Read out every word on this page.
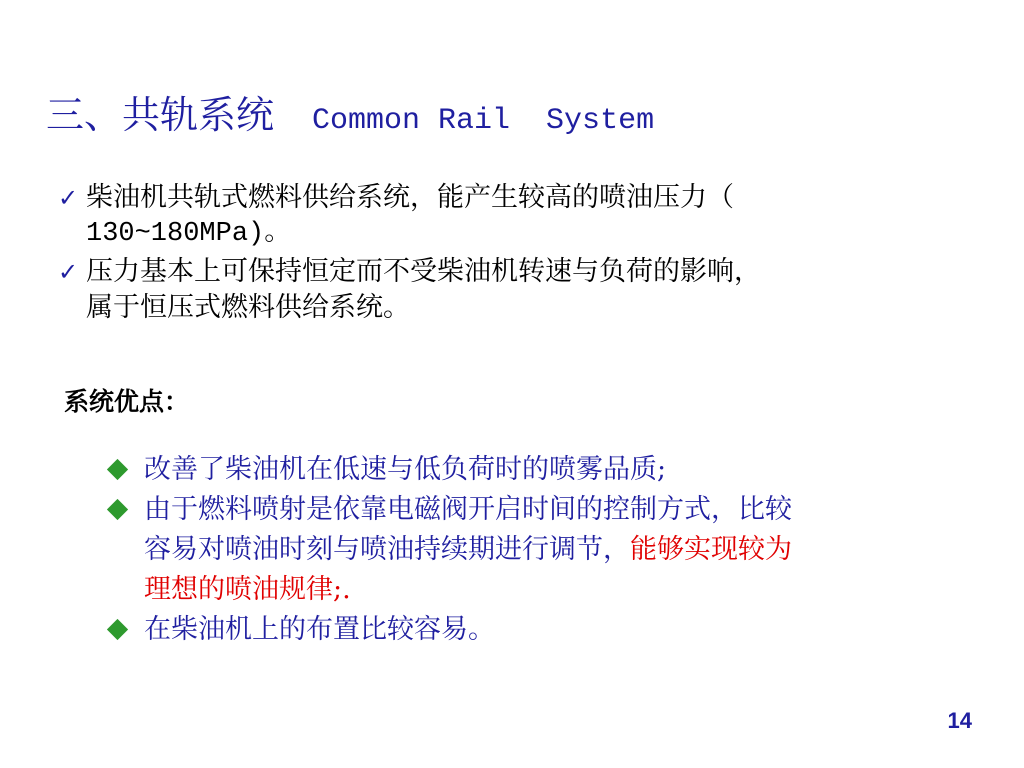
三、共轨系统 Common Rail  System
✓ 柴油机共轨式燃料供给系统，能产生较高的喷油压力（
130~180MPa)。
✓ 压力基本上可保持恒定而不受柴油机转速与负荷的影响，
属于恒压式燃料供给系统。
系统优点：
改善了柴油机在低速与低负荷时的喷雾品质;
由于燃料喷射是依靠电磁阀开启时间的控制方式，比较
容易对喷油时刻与喷油持续期进行调节，能够实现较为
理想的喷油规律;.
在柴油机上的布置比较容易。
14
